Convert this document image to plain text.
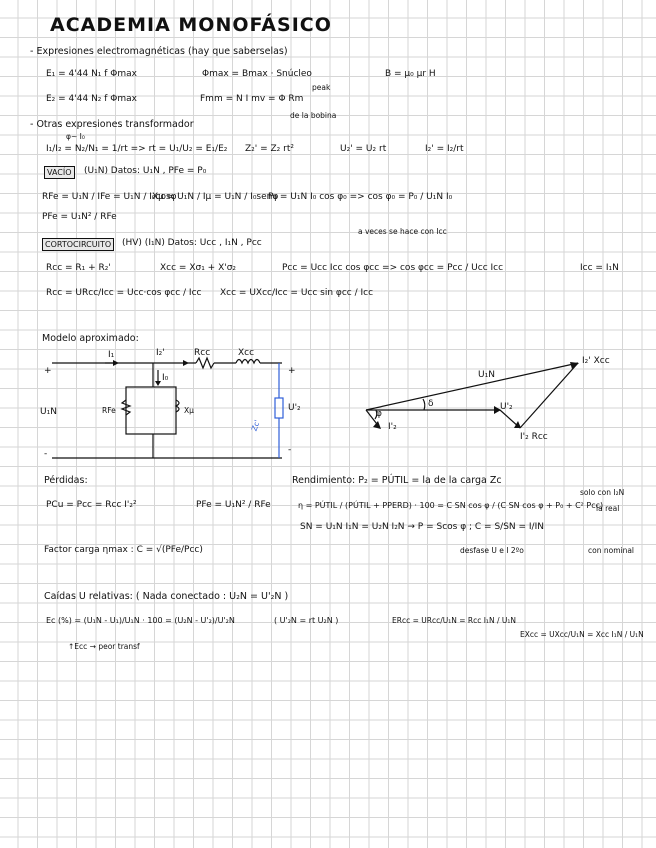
ACADEMIA MONOFÁSICO
- Expresiones electromagnéticas (hay que saberselas)
E₁ = 4'44 N₁ f Φmax	Φmax = Bmax · Snúcleo	B = μ₀ μr H
E₂ = 4'44 N₂ f Φmax	Fmm = N I mv = Φ Rm
peak
de la bobina
- Otras expresiones transformador
φ~ I₀
I₁/I₂ = N₂/N₁ = 1/rt => rt = U₁/U₂ = E₁/E₂ Z₂' = Z₂ rt²	U₂' = U₂ rt	I₂' = I₂/rt
VACÍO	(U₁N) Datos: U₁N , PFe = P₀
RFe = U₁N / IFe = U₁N / I₀cosφ
Xμ = U₁N / Iμ = U₁N / I₀senφ
P₀ = U₁N I₀ cos φ₀ => cos φ₀ = P₀ / U₁N I₀
PFe = U₁N² / RFe
a veces se hace con Icc
CORTOCIRCUITO	(HV) (I₁N) Datos: Ucc , I₁N , Pcc
Rcc = R₁ + R₂'	Xcc = Xσ₁ + X'σ₂	Pcc = Ucc Icc cos φcc => cos φcc = Pcc / Ucc Icc	Icc = I₁N
Rcc = URcc/Icc = Ucc·cos φcc / Icc Xcc = UXcc/Icc = Ucc sin φcc / Icc
Modelo aproximado:
I₁	I₂'	Rcc	Xcc
I₀
RFe	Xμ
U₁N	U'₂
Zc'
+
-
+
-
U₁N
I₂' Xcc
δ
φ
U'₂
I'₂
I'₂ Rcc
Pérdidas:
PCu = Pcc = Rcc I'₂²	PFe = U₁N² / RFe
Factor carga ηmax : C = √(PFe/Pcc)
Rendimiento: P₂ = PÚTIL = la de la carga Zc
solo con I₂N
la real
η = PÚTIL / (PÚTIL + PPERD) · 100 = C SN cos φ / (C SN cos φ + P₀ + C² Pcc)
SN = U₁N I₁N = U₂N I₂N → P = Scos φ ; C = S/SN = I/IN
desfase U e I 2ºo	con nominal
Caídas U relativas: ( Nada conectado : U₂N = U'₂N )
Ec (%) = (U₁N - U₁)/U₁N · 100 = (U₂N - U'₂)/U'₂N	( U'₂N = rt U₂N )	ERcc = URcc/U₁N = Rcc I₁N / U₁N
EXcc = UXcc/U₁N = Xcc I₁N / U₁N
↑Ecc → peor transf
